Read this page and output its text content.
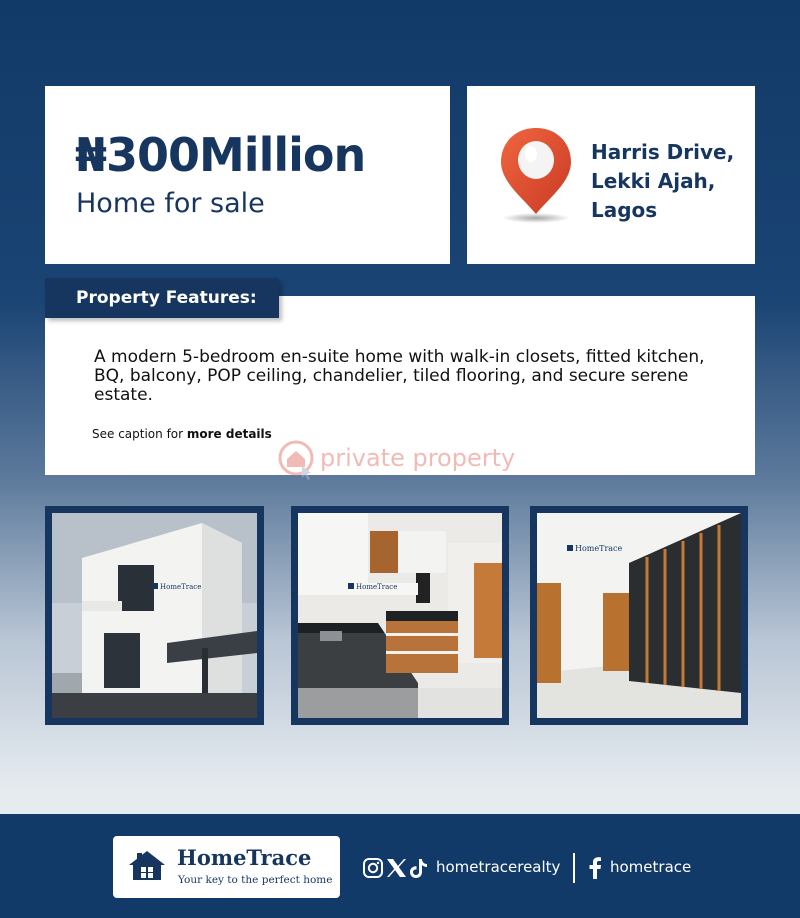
₦300Million
Home for sale
Harris Drive,
Lekki Ajah,
Lagos
A modern 5-bedroom en-suite home with walk-in closets, fitted kitchen, BQ, balcony, POP ceiling, chandelier, tiled flooring, and secure serene estate.
See caption for more details
Property Features:
private property
HomeTrace	HomeTrace
HomeTrace
HomeTrace
Your key to the perfect home
hometracerealty	hometrace
